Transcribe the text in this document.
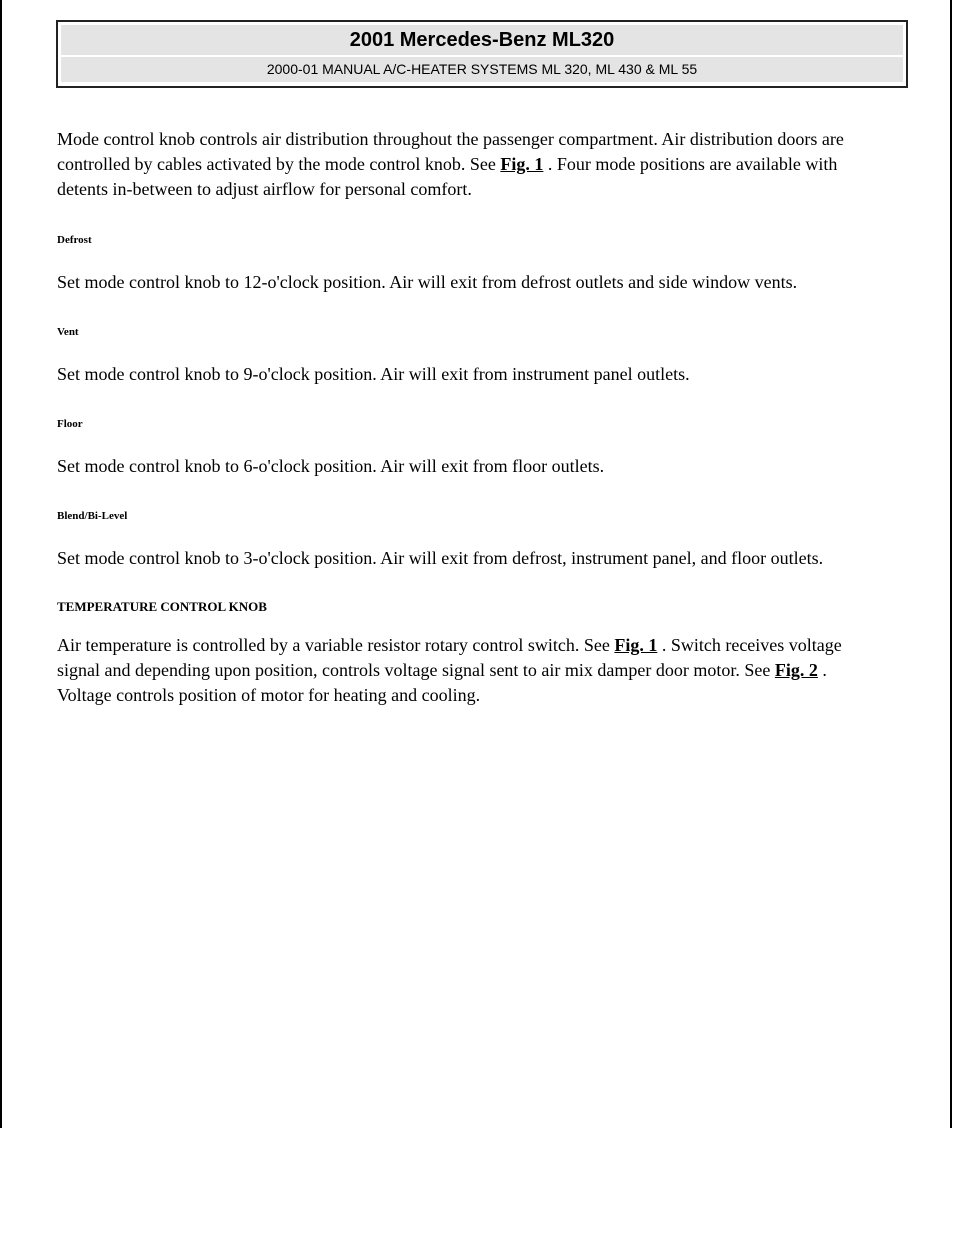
2001 Mercedes-Benz ML320
2000-01 MANUAL A/C-HEATER SYSTEMS ML 320, ML 430 & ML 55

Mode control knob controls air distribution throughout the passenger compartment. Air distribution doors are
controlled by cables activated by the mode control knob. See Fig. 1 . Four mode positions are available with
detents in-between to adjust airflow for personal comfort.

Defrost

Set mode control knob to 12-o'clock position. Air will exit from defrost outlets and side window vents.

Vent

Set mode control knob to 9-o'clock position. Air will exit from instrument panel outlets.

Floor

Set mode control knob to 6-o'clock position. Air will exit from floor outlets.

Blend/Bi-Level

Set mode control knob to 3-o'clock position. Air will exit from defrost, instrument panel, and floor outlets.

TEMPERATURE CONTROL KNOB

Air temperature is controlled by a variable resistor rotary control switch. See Fig. 1 . Switch receives voltage
signal and depending upon position, controls voltage signal sent to air mix damper door motor. See Fig. 2 .
Voltage controls position of motor for heating and cooling.
